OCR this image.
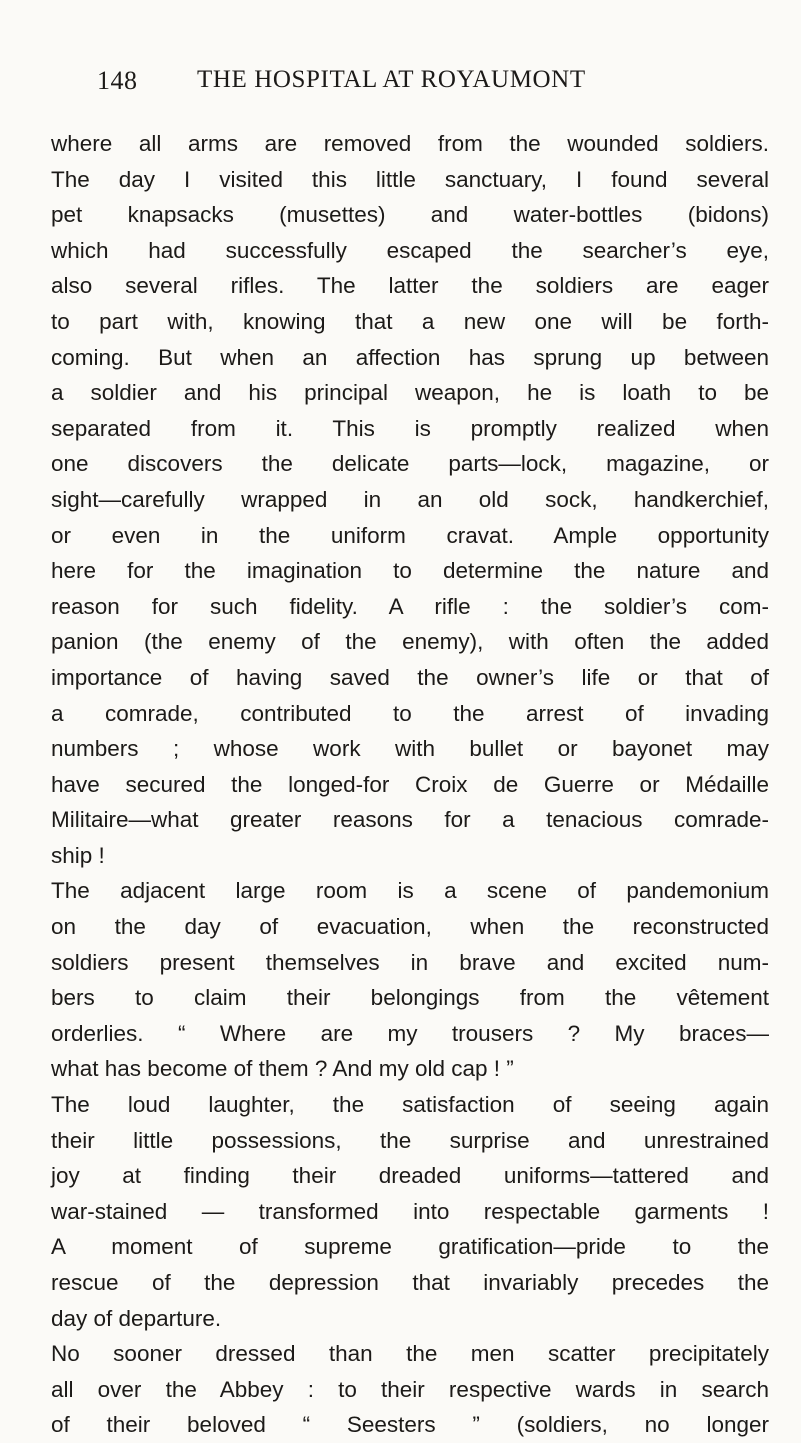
148 THE HOSPITAL AT ROYAUMONT
where all arms are removed from the wounded soldiers.
The day I visited this little sanctuary, I found several
pet knapsacks (musettes) and water-bottles (bidons)
which had successfully escaped the searcher’s eye,
also several rifles. The latter the soldiers are eager
to part with, knowing that a new one will be forth-
coming. But when an affection has sprung up between
a soldier and his principal weapon, he is loath to be
separated from it. This is promptly realized when
one discovers the delicate parts—lock, magazine, or
sight—carefully wrapped in an old sock, handkerchief,
or even in the uniform cravat. Ample opportunity
here for the imagination to determine the nature and
reason for such fidelity. A rifle : the soldier’s com-
panion (the enemy of the enemy), with often the added
importance of having saved the owner’s life or that of
a comrade, contributed to the arrest of invading
numbers ; whose work with bullet or bayonet may
have secured the longed-for Croix de Guerre or Médaille
Militaire—what greater reasons for a tenacious comrade-
ship !
The adjacent large room is a scene of pandemonium
on the day of evacuation, when the reconstructed
soldiers present themselves in brave and excited num-
bers to claim their belongings from the vêtement
orderlies. “ Where are my trousers ? My braces—
what has become of them ? And my old cap ! ”
The loud laughter, the satisfaction of seeing again
their little possessions, the surprise and unrestrained
joy at finding their dreaded uniforms—tattered and
war-stained — transformed into respectable garments !
A moment of supreme gratification—pride to the
rescue of the depression that invariably precedes the
day of departure.
No sooner dressed than the men scatter precipitately
all over the Abbey : to their respective wards in search
of their beloved “ Seesters ” (soldiers, no longer
